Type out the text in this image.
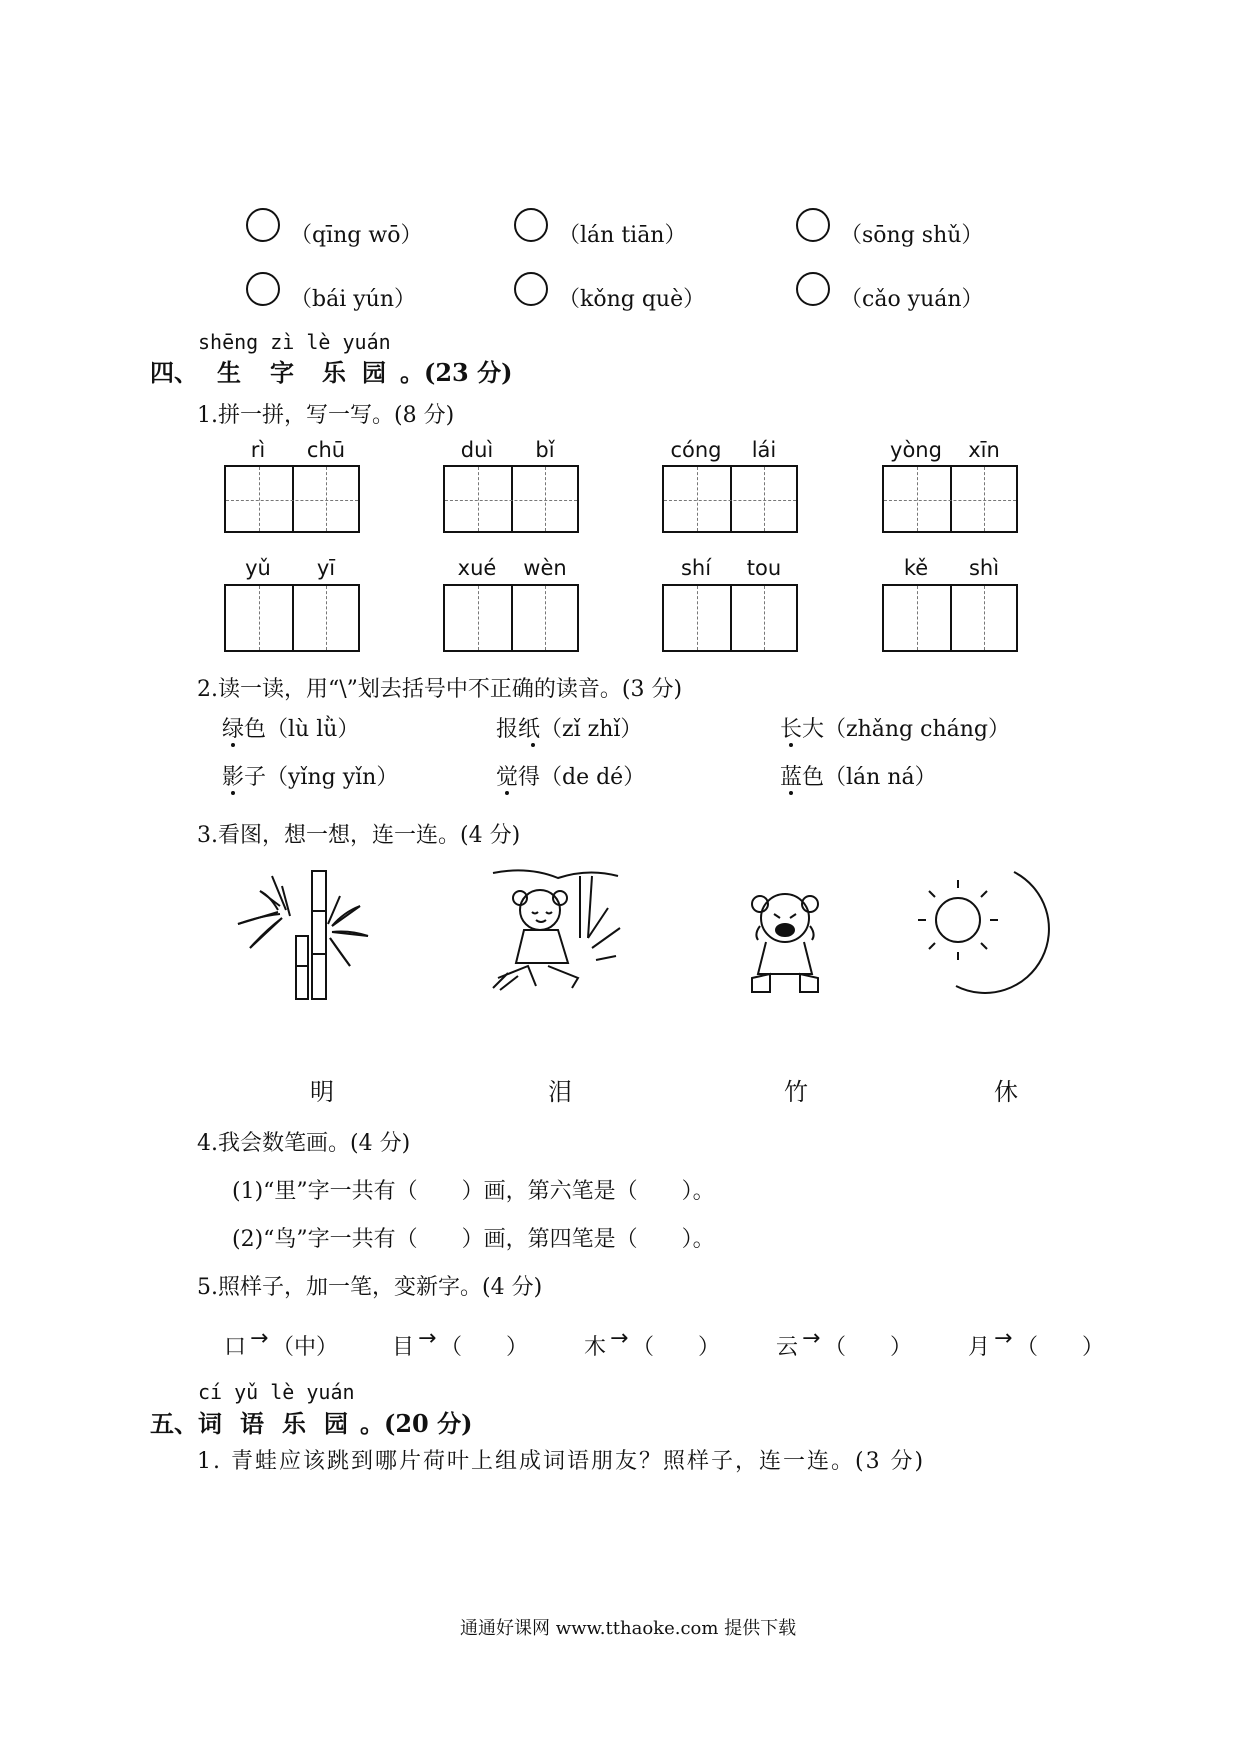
（qīng wō）	（lán tiān）	（sōng shǔ）
（bái yún）	（kǒng què）	（cǎo yuán）
shēng zì lè yuán
四、 生 字 乐 园 。(23 分)
1.拼一拼，写一写。(8 分)
rì	chū	duì	bǐ	cóng	lái	yòng	xīn
yǔ	yī	xué	wèn	shí	tou	kě	shì
2.读一读，用“\”划去括号中不正确的读音。(3 分)
绿色 （lù lǜ）	报纸 （zǐ zhǐ）	长大 （zhǎng cháng）
影子 （yǐng yǐn）	觉得 （de dé）	蓝色 （lán ná）
3.看图，想一想，连一连。(4 分)
明	泪	竹	休
4.我会数笔画。(4 分)
(1)“里”字一共有（　　）画，第六笔是（　　）。
(2)“鸟”字一共有（　　）画，第四笔是（　　）。
5.照样子，加一笔，变新字。(4 分)
口 → （中） 目 → （　　）	木 → （　　）	云 → （　　）	月 → （　　）
cí yǔ lè yuán
五、 词 语 乐 园 。(20 分)
1. 青蛙应该跳到哪片荷叶上组成词语朋友？照样子，连一连。(3 分)
通通好课网 www.tthaoke.com 提供下载
